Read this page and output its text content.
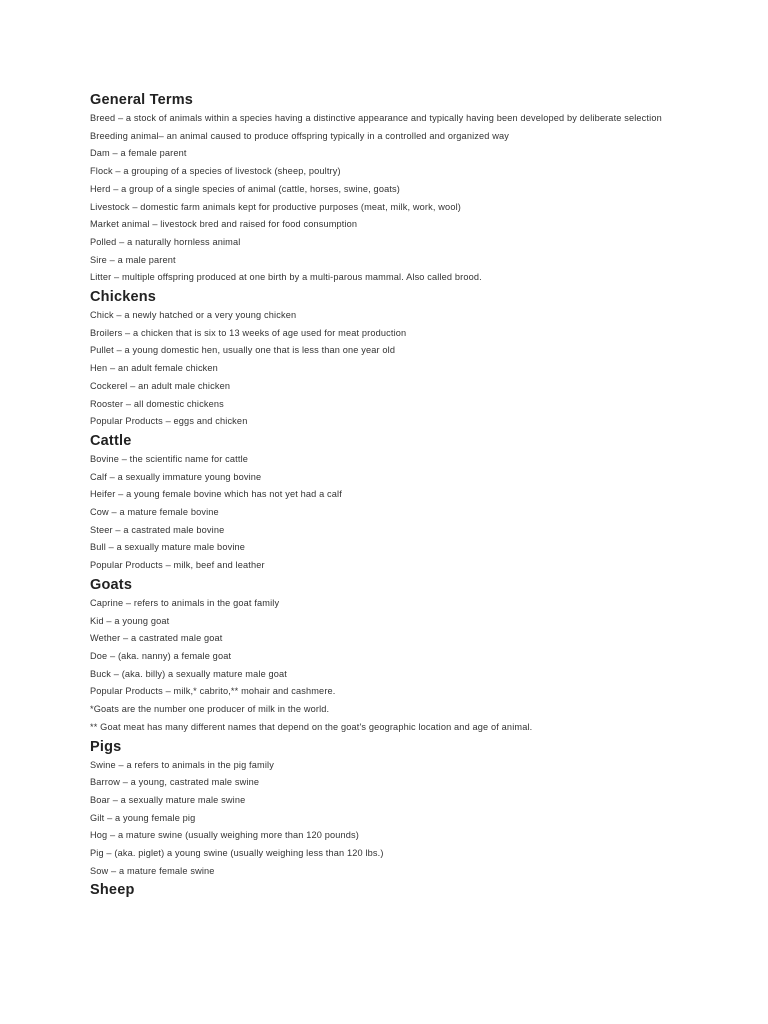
General Terms

Breed – a stock of animals within a species having a distinctive appearance and typically having been developed by deliberate selection

Breeding animal– an animal caused to produce offspring typically in a controlled and organized way

Dam – a female parent

Flock – a grouping of a species of livestock (sheep, poultry)

Herd – a group of a single species of animal (cattle, horses, swine, goats)

Livestock – domestic farm animals kept for productive purposes (meat, milk, work, wool)

Market animal – livestock bred and raised for food consumption

Polled – a naturally hornless animal

Sire – a male parent

Litter – multiple offspring produced at one birth by a multi-parous mammal. Also called brood.

Chickens

Chick – a newly hatched or a very young chicken

Broilers – a chicken that is six to 13 weeks of age used for meat production

Pullet – a young domestic hen, usually one that is less than one year old

Hen – an adult female chicken

Cockerel – an adult male chicken

Rooster – all domestic chickens

Popular Products – eggs and chicken

Cattle

Bovine – the scientific name for cattle

Calf – a sexually immature young bovine

Heifer – a young female bovine which has not yet had a calf

Cow – a mature female bovine

Steer – a castrated male bovine

Bull – a sexually mature male bovine

Popular Products – milk, beef and leather

Goats

Caprine – refers to animals in the goat family

Kid – a young goat

Wether – a castrated male goat

Doe – (aka. nanny) a female goat

Buck – (aka. billy) a sexually mature male goat

Popular Products – milk,* cabrito,** mohair and cashmere.

*Goats are the number one producer of milk in the world.

** Goat meat has many different names that depend on the goat's geographic location and age of animal.

Pigs

Swine – a refers to animals in the pig family

Barrow – a young, castrated male swine

Boar – a sexually mature male swine

Gilt – a young female pig

Hog – a mature swine (usually weighing more than 120 pounds)

Pig – (aka. piglet) a young swine (usually weighing less than 120 lbs.)

Sow – a mature female swine

Sheep
